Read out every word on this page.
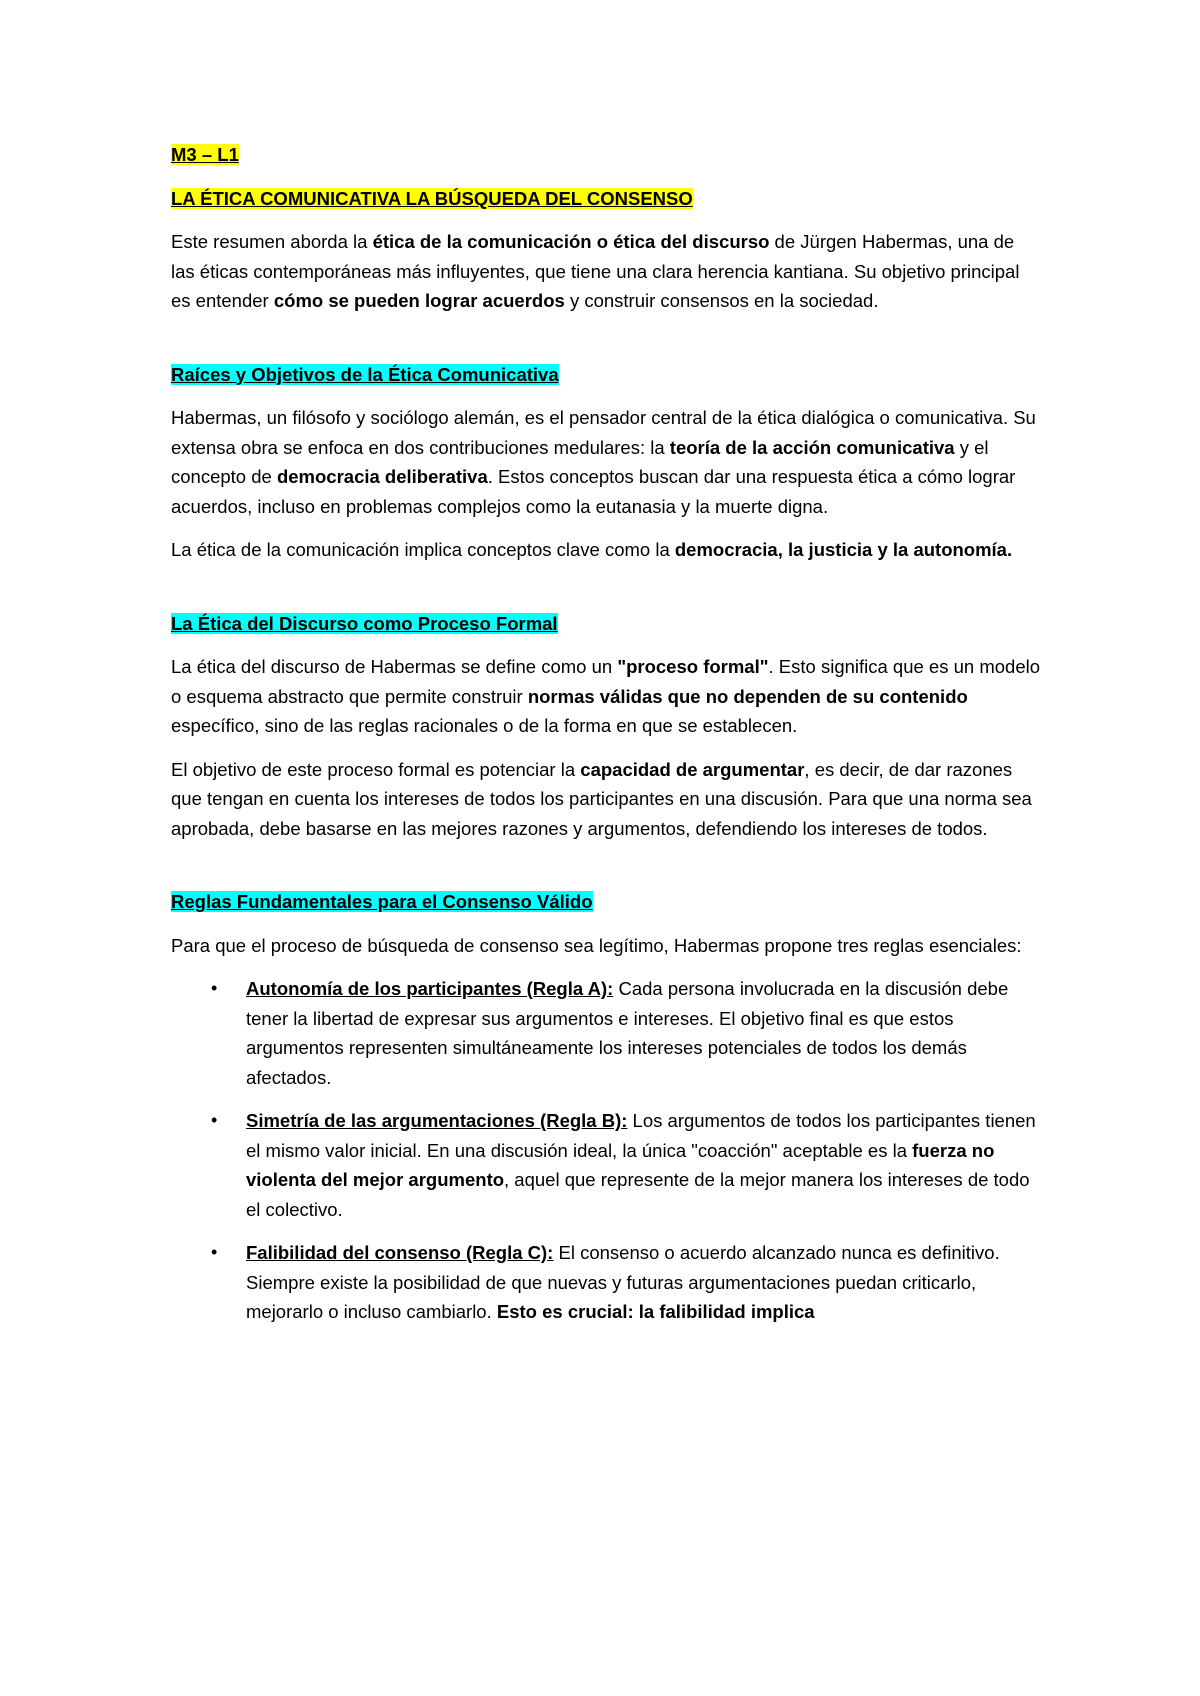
M3 – L1

LA ÉTICA COMUNICATIVA LA BÚSQUEDA DEL CONSENSO

Este resumen aborda la ética de la comunicación o ética del discurso de Jürgen Habermas, una de las éticas contemporáneas más influyentes, que tiene una clara herencia kantiana. Su objetivo principal es entender cómo se pueden lograr acuerdos y construir consensos en la sociedad.

Raíces y Objetivos de la Ética Comunicativa

Habermas, un filósofo y sociólogo alemán, es el pensador central de la ética dialógica o comunicativa. Su extensa obra se enfoca en dos contribuciones medulares: la teoría de la acción comunicativa y el concepto de democracia deliberativa. Estos conceptos buscan dar una respuesta ética a cómo lograr acuerdos, incluso en problemas complejos como la eutanasia y la muerte digna.

La ética de la comunicación implica conceptos clave como la democracia, la justicia y la autonomía.

La Ética del Discurso como Proceso Formal

La ética del discurso de Habermas se define como un "proceso formal". Esto significa que es un modelo o esquema abstracto que permite construir normas válidas que no dependen de su contenido específico, sino de las reglas racionales o de la forma en que se establecen.

El objetivo de este proceso formal es potenciar la capacidad de argumentar, es decir, de dar razones que tengan en cuenta los intereses de todos los participantes en una discusión. Para que una norma sea aprobada, debe basarse en las mejores razones y argumentos, defendiendo los intereses de todos.

Reglas Fundamentales para el Consenso Válido

Para que el proceso de búsqueda de consenso sea legítimo, Habermas propone tres reglas esenciales:

• Autonomía de los participantes (Regla A): Cada persona involucrada en la discusión debe tener la libertad de expresar sus argumentos e intereses. El objetivo final es que estos argumentos representen simultáneamente los intereses potenciales de todos los demás afectados.
• Simetría de las argumentaciones (Regla B): Los argumentos de todos los participantes tienen el mismo valor inicial. En una discusión ideal, la única "coacción" aceptable es la fuerza no violenta del mejor argumento, aquel que represente de la mejor manera los intereses de todo el colectivo.
• Falibilidad del consenso (Regla C): El consenso o acuerdo alcanzado nunca es definitivo. Siempre existe la posibilidad de que nuevas y futuras argumentaciones puedan criticarlo, mejorarlo o incluso cambiarlo. Esto es crucial: la falibilidad implica
